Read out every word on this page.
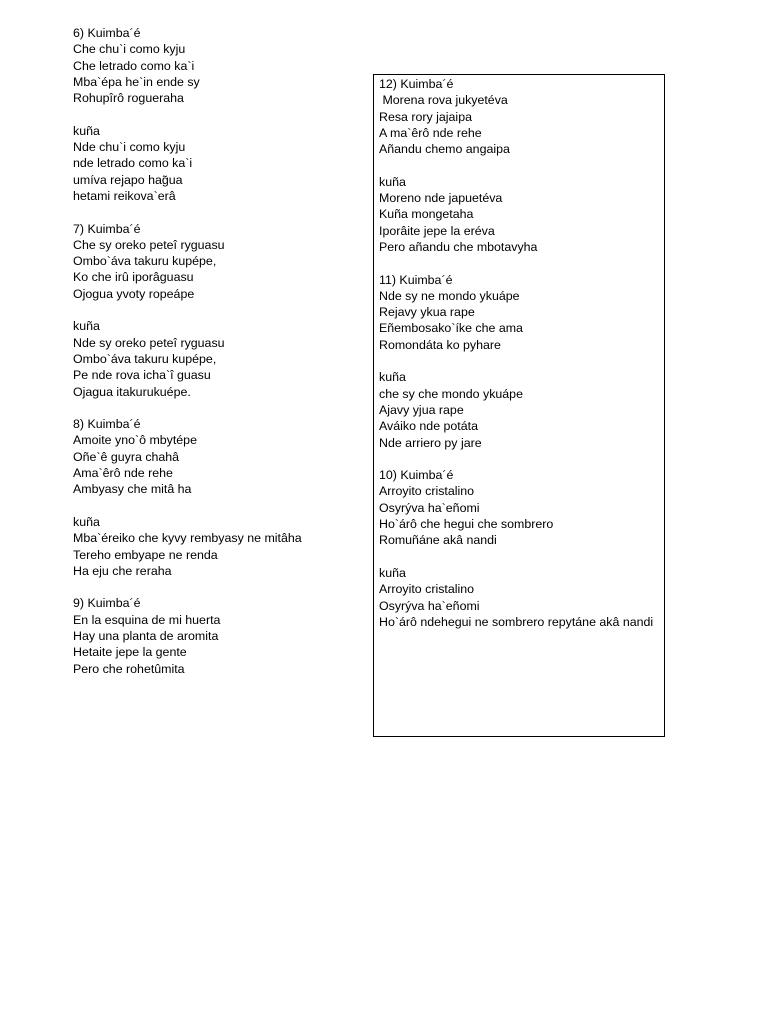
6) Kuimba´é
Che chu`i como kyju
Che letrado como ka`i
Mba`épa he`in ende sy
Rohupîrô rogueraha
kuña
Nde chu`i como kyju
nde letrado como ka`i
umíva rejapo hag̃ua
hetami reikova`erâ
7) Kuimba´é
Che sy oreko peteî ryguasu
Ombo`áva takuru kupépe,
Ko che irû iporâguasu
Ojogua yvoty ropeápe
kuña
Nde sy oreko peteî ryguasu
Ombo`áva takuru kupépe,
Pe nde rova icha`î guasu
Ojagua itakurukuépe.
8) Kuimba´é
Amoite yno`ô mbytépe
Oñe`ê guyra chahâ
Ama`êrô nde rehe
Ambyasy che mitâ ha
kuña
Mba`éreiko che kyvy rembyasy ne mitâha
Tereho embyape ne renda
Ha eju che reraha
9) Kuimba´é
En la esquina de mi huerta
Hay una planta de aromita
Hetaite jepe la gente
Pero che rohetûmita
12) Kuimba´é
Morena rova jukyetéva
Resa rory jajaipa
A ma`êrô nde rehe
Añandu chemo angaipa
kuña
Moreno nde japuetéva
Kuña mongetaha
Iporâite jepe la eréva
Pero añandu che mbotavyha
11) Kuimba´é
Nde sy ne mondo ykuápe
Rejavy ykua rape
Eñembosako`íke che ama
Romondáta ko pyhare
kuña
che sy che mondo ykuápe
Ajavy yjua rape
Aváiko nde potáta
Nde arriero py jare
10) Kuimba´é
Arroyito cristalino
Osyrýva ha`eñomi
Ho`árô che hegui che sombrero
Romuñáne akâ nandi
kuña
Arroyito cristalino
Osyrýva ha`eñomi
Ho`árô ndehegui ne sombrero repytáne akâ nandi
